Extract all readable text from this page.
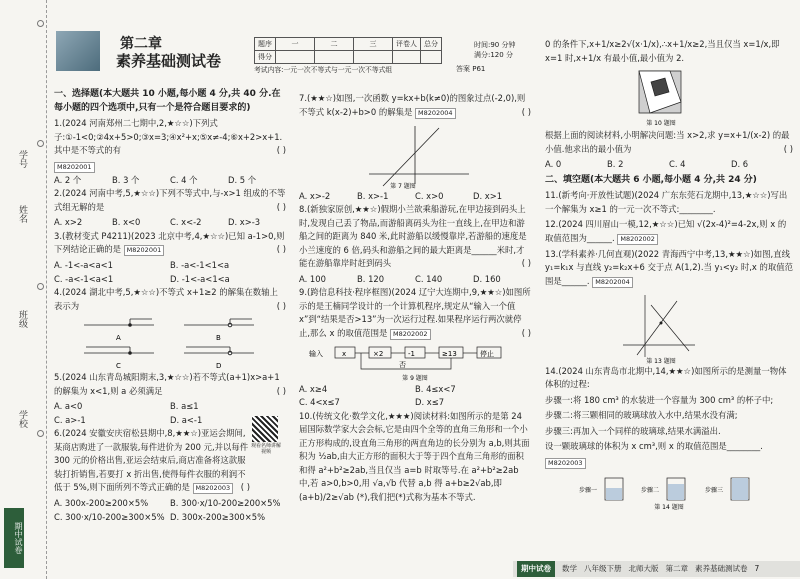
学号
姓名
班级
学校
期中试卷
第二章
素养基础测试卷
题序	一	二	三	评卷人	总分
得分					
时间:90 分钟
满分:120 分
考试内容:一元一次不等式与一元一次不等式组	答案 P61

一、选择题(本大题共 10 小题,每小题 4 分,共 40 分.在每小题的四个选项中,只有一个是符合题目要求的)

1.(2024 河南郑州二七期中,2,★☆☆)下列式子:①-1<0;②4x+5>0;③x=3;④x²+x;⑤x≠-4;⑥x+2>x+1.其中是不等式的有	( )

M8202001
A. 2 个	B. 3 个	C. 4 个	D. 5 个

2.(2024 河南中考,5,★☆☆)下列不等式中,与-x>1 组成的不等式组无解的是	( )

A. x>2	B. x<0	C. x<-2	D. x>-3

3.(教材变式 P4211)(2023 北京中考,4,★☆☆)已知 a-1>0,则下列结论正确的是 M8202001	( )

A. -1<-a<a<1	B. -a<-1<1<a
C. -a<-1<a<1	D. -1<-a<1<a

4.(2024 湖北中考,5,★☆☆)不等式 x+1≥2 的解集在数轴上表示为	( )

A	B
C	D

5.(2024 山东青岛城阳期末,3,★☆☆)若不等式(a+1)x>a+1 的解集为 x<1,则 a 必须满足	( )

A. a<0	B. a≤1
C. a>-1	D. a<-1

6.(2024 安徽安庆宿松县期中,8,★★☆)亚运会期间,某商店购进了一款服装,每件进价为 200 元,并以每件 300 元的价格出售,亚运会结束后,商店准备将这款服装打折销售,若要打 x 折出售,使得每件衣服的利润不低于 5%,则下面所列不等式正确的是 M8202003 ( )

A. 300x-200≥200×5%	B. 300·x/10-200≥200×5%
C. 300·x/10-200≥300×5% D. 300x-200≥300×5%
观看名师讲解视频

7.(★★☆)如图,一次函数 y=kx+b(k≠0)的图象过点(-2,0),则不等式 k(x-2)+b>0 的解集是 M8202004	( )

第 7 题图
A. x>-2	B. x>-1	C. x>0	D. x>1

8.(新独家原创,★★☆)假期小兰欲乘船游玩,在甲边接到码头上时,发现自己丢了物品,而游船离码头为往一直线上,在甲边和游船之间的距离为 840 米,此时游船以缓慢靠岸,若游船的速度是小兰速度的 6 倍,码头和游船之间的最大距离是______米时,才能在游船靠岸时赶到码头	( )

A. 100	B. 120	C. 140	D. 160

9.(跨信息科技·程序框图)(2024 辽宁大连期中,9,★★☆)如图所示的是王楠同学设计的一个计算机程序,规定从“输入一个值 x”到“结果是否>13”为一次运行过程.如果程序运行两次就停止,那么 x 的取值范围是 M8202002	( )

输入	x	×2	-1	≥13	停止
否
第 9 题图
A. x≥4	B. 4≤x<7
C. 4<x≤7	D. x≤7

10.(传统文化·数学文化,★★★)阅读材料:如图所示的是第 24 届国际数学家大会会标,它是由四个全等的直角三角形和一个小正方形构成的,设直角三角形的两直角边的长分别为 a,b,则其面积为 ½ab,由大正方形的面积大于等于四个直角三角形的面积和得 a²+b²≥2ab,当且仅当 a=b 时取等号.在 a²+b²≥2ab 中,若 a>0,b>0,用 √a,√b 代替 a,b 得 a+b≥2√ab,即 (a+b)/2≥√ab (*),我们把(*)式称为基本不等式.

0 的条件下,x+1/x≥2√(x·1/x),∴x+1/x≥2,当且仅当 x=1/x,即 x=1 时,x+1/x 有最小值,最小值为 2.

第 10 题图

根据上面的阅读材料,小明解决问题:当 x>2,求 y=x+1/(x-2) 的最小值.他求出的最小值为	( )

A. 0	B. 2	C. 4	D. 6

二、填空题(本大题共 6 小题,每小题 4 分,共 24 分)

11.(新考向·开放性试题)(2024 广东东莞石龙期中,13,★☆☆)写出一个解集为 x≥1 的一元一次不等式:________.

12.(2024 四川眉山一模,12,★☆☆)已知 √(2x-4)²=4-2x,则 x 的取值范围为______. M8202002

13.(学科素养·几何直观)(2022 青海西宁中考,13,★★☆)如图,直线 y₁=k₁x 与直线 y₂=k₂x+6 交于点 A(1,2).当 y₁<y₂ 时,x 的取值范围是______. M8202004

第 13 题图

14.(2024 山东青岛市北期中,14,★★☆)如图所示的是测量一物体体积的过程:

步骤一:将 180 cm³ 的水装进一个容量为 300 cm³ 的杯子中;

步骤二:将三颗相同的玻璃球放入水中,结果水没有满;

步骤三:再加入一个同样的玻璃球,结果水满溢出.

设一颗玻璃球的体积为 x cm³,则 x 的取值范围是________.

M8202003
步骤一	步骤二	步骤三
第 14 题图
期中试卷	数学 八年级下册 北师大版 第二章 素养基础测试卷 7
